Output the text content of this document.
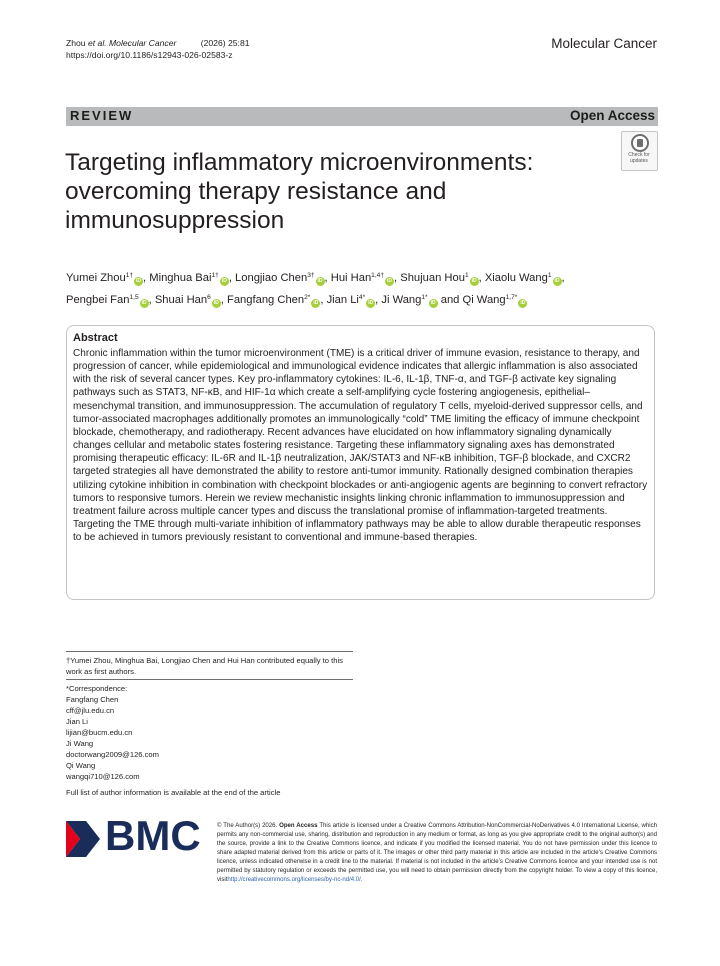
Zhou et al. Molecular Cancer	(2026) 25:81
https://doi.org/10.1186/s12943-026-02583-z
Molecular Cancer
REVIEW	Open Access
Targeting inflammatory microenvironments: overcoming therapy resistance and immunosuppression
Check for
updates
Yumei Zhou$^{1\dagger}$iD , Minghua Bai$^{1\dagger}$iD , Longjiao Chen$^{3\dagger}$iD , Hui Han$^{1,4\dagger}$iD , Shujuan Hou$^1$iD , Xiaolu Wang$^1$iD ,
Pengbei Fan$^{1,5}$iD , Shuai Han$^6$iD , Fangfang Chen$^{2*}$iD , Jian $Li^{4*}iD$ , Ji Wang$^{1*}$iD and Qi Wang$^{1,7*}$iD
Abstract
Chronic inflammation within the tumor microenvironment (TME) is a critical driver of immune evasion, resistance to therapy, and progression of cancer, while epidemiological and immunological evidence indicates that allergic inflammation is also associated with the risk of several cancer types. Key pro-inflammatory cytokines: IL-6, IL-1β, TNF-α, and TGF-β activate key signaling pathways such as STAT3, NF-κB, and HIF-1α which create a self-amplifying cycle fostering angiogenesis, epithelial–mesenchymal transition, and immunosuppression. The accumulation of regulatory T cells, myeloid-derived suppressor cells, and tumor-associated macrophages additionally promotes an immunologically “cold” TME limiting the efficacy of immune checkpoint blockade, chemotherapy, and radiotherapy. Recent advances have elucidated on how inflammatory signaling dynamically changes cellular and metabolic states fostering resistance. Targeting these inflammatory signaling axes has demonstrated promising therapeutic efficacy: IL-6R and IL-1β neutralization, JAK/STAT3 and NF-κB inhibition, TGF-β blockade, and CXCR2 targeted strategies all have demonstrated the ability to restore anti-tumor immunity. Rationally designed combination therapies utilizing cytokine inhibition in combination with checkpoint blockades or anti-angiogenic agents are beginning to convert refractory tumors to responsive tumors. Herein we review mechanistic insights linking chronic inflammation to immunosuppression and treatment failure across multiple cancer types and discuss the translational promise of inflammation-targeted treatments. Targeting the TME through multi-variate inhibition of inflammatory pathways may be able to allow durable therapeutic responses to be achieved in tumors previously resistant to conventional and immune-based therapies.
†Yumei Zhou, Minghua Bai, Longjiao Chen and Hui Han contributed equally to this work as first authors.
*Correspondence:
Fangfang Chen
cff@jlu.edu.cn
Jian Li
lijian@bucm.edu.cn
Ji Wang
doctorwang2009@126.com
Qi Wang
wangqi710@126.com
Full list of author information is available at the end of the article
BMC	© The Author(s) 2026. Open Access This article is licensed under a Creative Commons Attribution-NonCommercial-NoDerivatives 4.0 International License, which permits any non-commercial use, sharing, distribution and reproduction in any medium or format, as long as you give appropriate credit to the original author(s) and the source, provide a link to the Creative Commons licence, and indicate if you modified the licensed material. You do not have permission under this licence to share adapted material derived from this article or parts of it. The images or other third party material in this article are included in the article’s Creative Commons licence, unless indicated otherwise in a credit line to the material. If material is not included in the article’s Creative Commons licence and your intended use is not permitted by statutory regulation or exceeds the permitted use, you will need to obtain permission directly from the copyright holder. To view a copy of this licence, visithttp://creativecommons.org/licenses/by-nc-nd/4.0/.
